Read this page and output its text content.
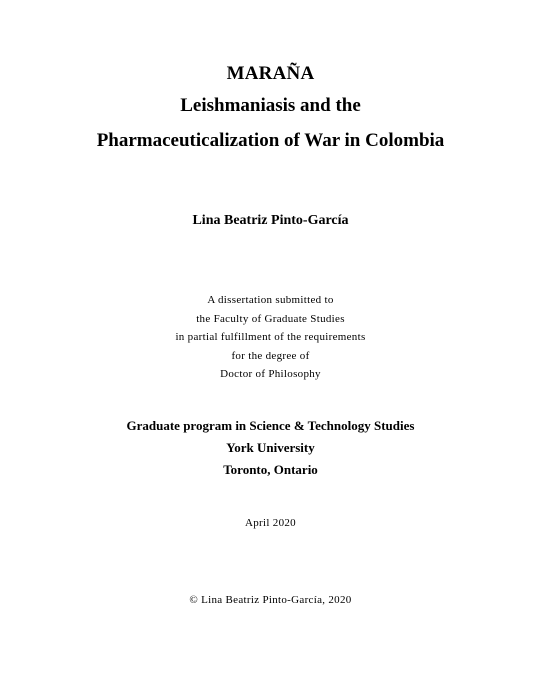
MARAÑA
Leishmaniasis and the
Pharmaceuticalization of War in Colombia
Lina Beatriz Pinto-García
A dissertation submitted to
the Faculty of Graduate Studies
in partial fulfillment of the requirements
for the degree of
Doctor of Philosophy
Graduate program in Science & Technology Studies
York University
Toronto, Ontario
April 2020
© Lina Beatriz Pinto-García, 2020
